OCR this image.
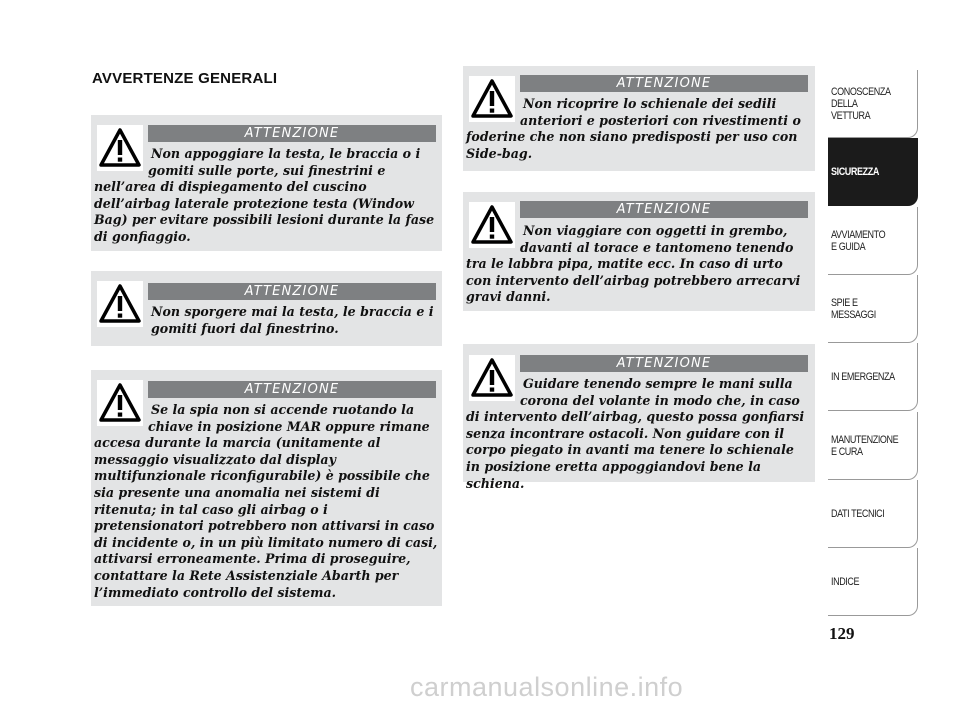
AVVERTENZE GENERALI
ATTENZIONE

Non appoggiare la testa, le braccia o i
gomiti sulle porte, sui finestrini e nell’area di dispiegamento del cuscino dell’airbag laterale protezione testa (Window Bag) per evitare possibili lesioni durante la fase di gonfiaggio.

ATTENZIONE

Non sporgere mai la testa, le braccia e i
gomiti fuori dal finestrino.

ATTENZIONE

Se la spia non si accende ruotando la
chiave in posizione MAR oppure rimane accesa durante la marcia (unitamente al messaggio visualizzato dal display multifunzionale riconfigurabile) è possibile che sia presente una anomalia nei sistemi di ritenuta; in tal caso gli airbag o i pretensionatori potrebbero non attivarsi in caso di incidente o, in un più limitato numero di casi, attivarsi erroneamente. Prima di proseguire, contattare la Rete Assistenziale Abarth per l’immediato controllo del sistema.

ATTENZIONE

Non ricoprire lo schienale dei sedili
anteriori e posteriori con rivestimenti o foderine che non siano predisposti per uso con Side-bag.

ATTENZIONE

Non viaggiare con oggetti in grembo,
davanti al torace e tantomeno tenendo tra le labbra pipa, matite ecc. In caso di urto con intervento dell’airbag potrebbero arrecarvi gravi danni.

ATTENZIONE

Guidare tenendo sempre le mani sulla
corona del volante in modo che, in caso di intervento dell’airbag, questo possa gonfiarsi senza incontrare ostacoli. Non guidare con il corpo piegato in avanti ma tenere lo schienale in posizione eretta appoggiandovi bene la schiena.

CONOSCENZA
DELLA
VETTURA
SICUREZZA
AVVIAMENTO
E GUIDA
SPIE E
MESSAGGI
IN EMERGENZA
MANUTENZIONE
E CURA
DATI TECNICI
INDICE
129
carmanualsonline.info
